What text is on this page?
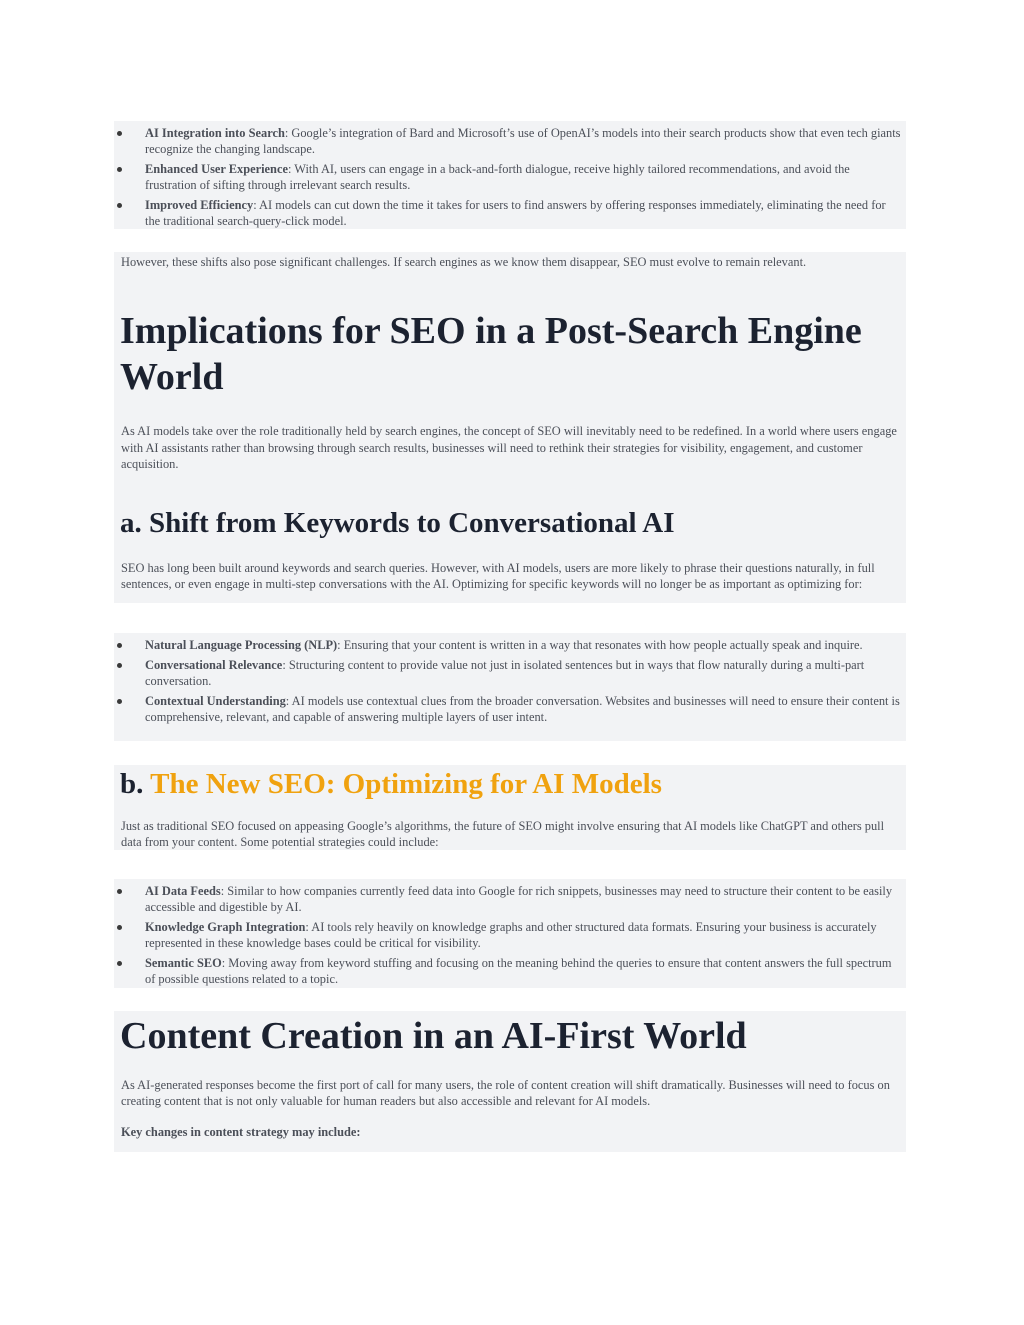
AI Integration into Search: Google’s integration of Bard and Microsoft’s use of OpenAI’s models into their search products show that even tech giants recognize the changing landscape.
Enhanced User Experience: With AI, users can engage in a back-and-forth dialogue, receive highly tailored recommendations, and avoid the frustration of sifting through irrelevant search results.
Improved Efficiency: AI models can cut down the time it takes for users to find answers by offering responses immediately, eliminating the need for the traditional search-query-click model.

However, these shifts also pose significant challenges. If search engines as we know them disappear, SEO must evolve to remain relevant.

Implications for SEO in a Post-Search Engine World

As AI models take over the role traditionally held by search engines, the concept of SEO will inevitably need to be redefined. In a world where users engage with AI assistants rather than browsing through search results, businesses will need to rethink their strategies for visibility, engagement, and customer acquisition.

a. Shift from Keywords to Conversational AI

SEO has long been built around keywords and search queries. However, with AI models, users are more likely to phrase their questions naturally, in full sentences, or even engage in multi-step conversations with the AI. Optimizing for specific keywords will no longer be as important as optimizing for:

Natural Language Processing (NLP): Ensuring that your content is written in a way that resonates with how people actually speak and inquire.
Conversational Relevance: Structuring content to provide value not just in isolated sentences but in ways that flow naturally during a multi-part conversation.
Contextual Understanding: AI models use contextual clues from the broader conversation. Websites and businesses will need to ensure their content is comprehensive, relevant, and capable of answering multiple layers of user intent.
b. The New SEO: Optimizing for AI Models

Just as traditional SEO focused on appeasing Google’s algorithms, the future of SEO might involve ensuring that AI models like ChatGPT and others pull data from your content. Some potential strategies could include:

AI Data Feeds: Similar to how companies currently feed data into Google for rich snippets, businesses may need to structure their content to be easily accessible and digestible by AI.
Knowledge Graph Integration: AI tools rely heavily on knowledge graphs and other structured data formats. Ensuring your business is accurately represented in these knowledge bases could be critical for visibility.
Semantic SEO: Moving away from keyword stuffing and focusing on the meaning behind the queries to ensure that content answers the full spectrum of possible questions related to a topic.
Content Creation in an AI-First World

As AI-generated responses become the first port of call for many users, the role of content creation will shift dramatically. Businesses will need to focus on creating content that is not only valuable for human readers but also accessible and relevant for AI models.

Key changes in content strategy may include:
